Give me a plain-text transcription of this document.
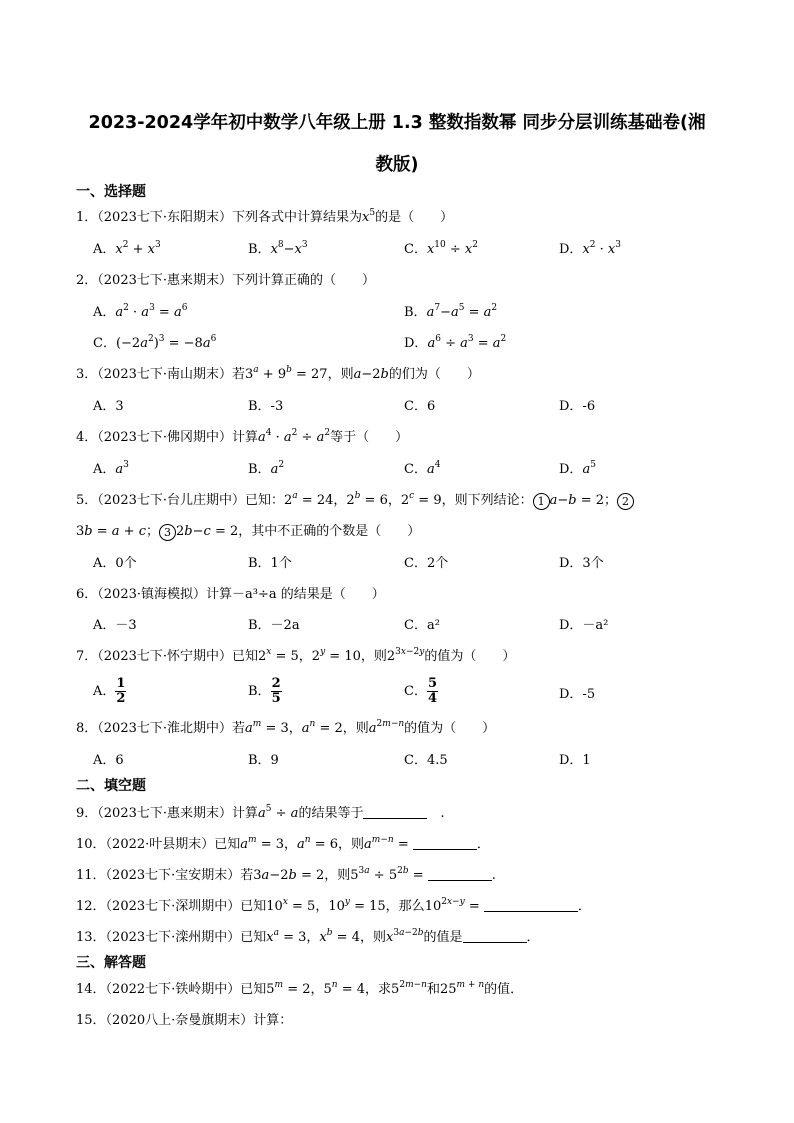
2023-2024学年初中数学八年级上册 1.3 整数指数幂 同步分层训练基础卷(湘
教版)
一、选择题
1．（2023七下·东阳期末）下列各式中计算结果为$x^5$的是（　　）
A．$x^2 + x^3$	B．$x^8-x^3$	C．$x^{10} \div x^2$	D．$x^2 \cdot x^3$
2．（2023七下·惠来期末）下列计算正确的（　　）
A．$a^2 \cdot a^3 = a^6$	B．$a^7-a^5 = a^2$
C．$(-2a^2)^3 = -8a^6$	D．$a^6 \div a^3 = a^2$
3．（2023七下·南山期末）若$3^a + 9^b = 27$，则a−2b的们为（　　）
A．3	B．-3	C．6	D．-6
4．（2023七下·佛冈期中）计算$a^4 \cdot a^2 \div a^2$等于（　　）
A．$a^3$	B．$a^2$	C．$a^4$	D．$a^5$
5．（2023七下·台儿庄期中）已知：$2^a = 24$，$2^b = 6$，$2^c = 9$，则下列结论： 1 a−b = 2； 2
3b = a + c； 3 2b−c = 2，其中不正确的个数是（　　）
A．0个	B．1个	C．2个	D．3个
6．（2023·镇海模拟）计算－a³÷a 的结果是（　　）
A．－3	B．－2a	C．a²	D．－a²
7．（2023七下·怀宁期中）已知$2^x = 5$，$2^y = 10$，则$2^{3x-2y}$的值为（　　）
A． $\frac{1}{2}$	B． $\frac{2}{5}$	C． $\frac{5}{4}$	D．-5
8．（2023七下·淮北期中）若$a^m = 3$，$a^n = 2$，则$a^{2m-n}$的值为（　　）
A．6	B．9	C．4.5	D．1
二、填空题
9．（2023七下·惠来期末）计算$a^5 \div a$的结果等于	　.
10．（2022·叶县期末）已知$a^m = 3$，$a^n = 6$，则$a^{m-n}$ =	．
11．（2023七下·宝安期末）若3a−2b = 2，则$5^{3a} \div 5^{2b}$ =	.
12．（2023七下·深圳期中）已知$10^x = 5$，$10^y = 15$，那么$10^{2x-y}$ =	．
13．（2023七下·滦州期中）已知$x^a = 3$，$x^b = 4$，则$x^{3a-2b}$的值是	．
三、解答题
14．（2022七下·铁岭期中）已知$5^m = 2$，$5^n = 4$，求$5^{2m-n}$和$25^{m + n}$的值．
15．（2020八上·奈曼旗期末）计算：
